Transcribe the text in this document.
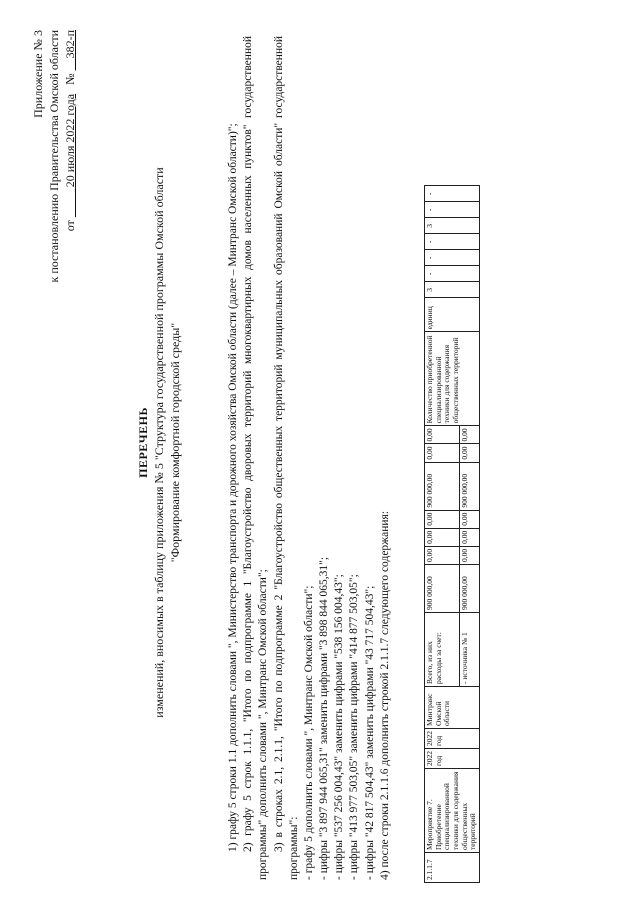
Приложение № 3 к постановлению Правительства Омской области от           20 июля 2022 года   №     382-п
ПЕРЕЧЕНЬ изменений, вносимых в таблицу приложения № 5 "Структура государственной программы Омской области "Формирование комфортной городской среды"	1) графу 5 строки 1.1 дополнить словами ", Министерство транспорта и дорожного хозяйства Омской области (далее – Минтранс Омской области)"; 2) графу 5 строк 1.1.1, "Итого по подпрограмме 1 "Благоустройство дворовых территорий многоквартирных домов населенных пунктов" государственной программы" дополнить словами ", Минтранс Омской области"; 3) в строках 2.1, 2.1.1, "Итого по подпрограмме 2 "Благоустройство общественных территорий муниципальных образований Омской области" государственной программы": - графу 5 дополнить словами ", Минтранс Омской области"; - цифры "3 897 944 065,31" заменить цифрами "3 898 844 065,31"; - цифры "537 256 004,43" заменить цифрами "538 156 004,43"; - цифры "413 977 503,05" заменить цифрами "414 877 503,05"; - цифры "42 817 504,43" заменить цифрами "43 717 504,43"; 4) после строки 2.1.1.6 дополнить строкой 2.1.1.7 следующего содержания:	2.1.1.7	Мероприятие 7. Приобретение специализированной техники для содержания общественных территорий	2022 год	2022 год	Минтранс Омской области	Всего, из них расходы за счет:	900 000,00	0,00	0,00	0,00	900 000,00	0,00	0,00	Количество приобретенной специализированной техники для содержания общественных территорий	единиц	3	-	-	-	3	-	-
					- источника № 1	900 000,00	0,00	0,00	0,00	900 000,00	0,00	0,00									
